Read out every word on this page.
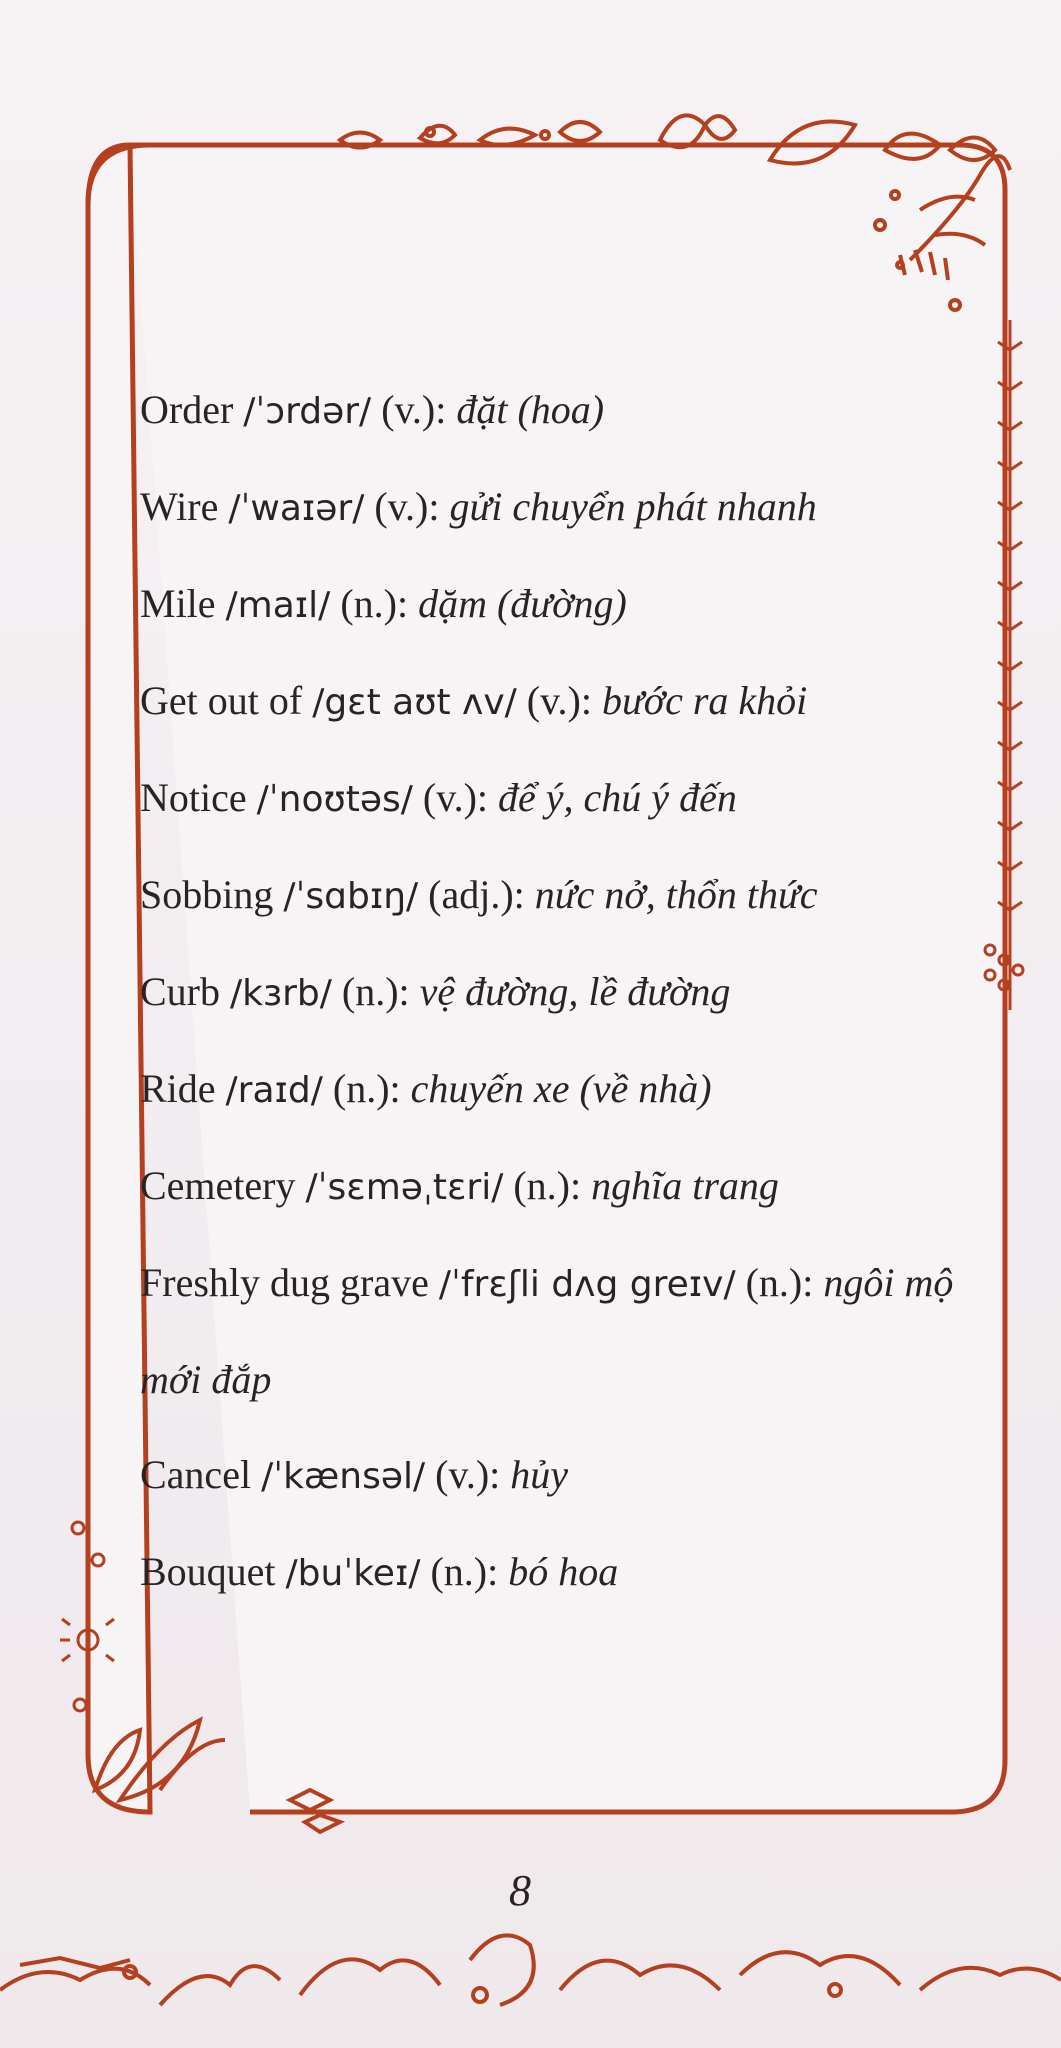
Order /ˈɔrdər/ (v.): đặt (hoa)
Wire /ˈwaɪər/ (v.): gửi chuyển phát nhanh
Mile /maɪl/ (n.): dặm (đường)
Get out of /gɛt aʊt ʌv/ (v.): bước ra khỏi
Notice /ˈnoʊtəs/ (v.): để ý, chú ý đến
Sobbing /ˈsɑbɪŋ/ (adj.): nức nở, thổn thức
Curb /kɜrb/ (n.): vệ đường, lề đường
Ride /raɪd/ (n.): chuyến xe (về nhà)
Cemetery /ˈsɛməˌtɛri/ (n.): nghĩa trang
Freshly dug grave /ˈfrɛʃli dʌg greɪv/ (n.): ngôi mộ mới đắp
Cancel /ˈkænsəl/ (v.): hủy
Bouquet /buˈkeɪ/ (n.): bó hoa
8
